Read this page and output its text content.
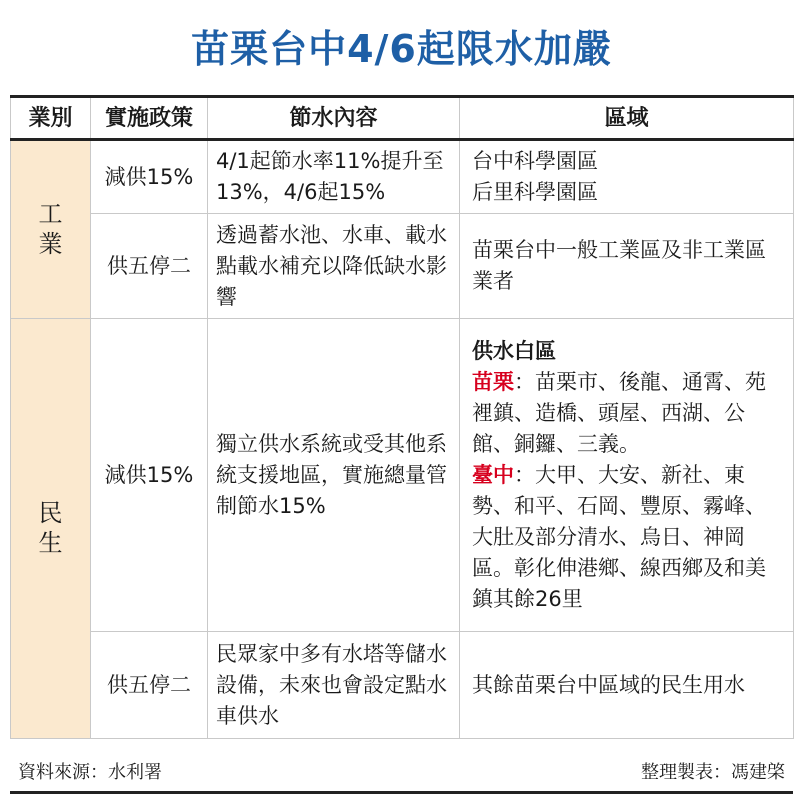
苗栗台中4/6起限水加嚴
業別	實施政策	節水內容	區域
工業	減供15%	4/1起節水率11%提升至13%，4/6起15%	台中科學園區
后里科學園區

	供五停二	透過蓄水池、水車、載水點載水補充以降低缺水影響	苗栗台中一般工業區及非工業區業者
民生	減供15%	獨立供水系統或受其他系統支援地區，實施總量管制節水15%	供水白區
苗栗：苗栗市、後龍、通霄、苑裡鎮、造橋、頭屋、西湖、公館、銅鑼、三義。
臺中：大甲、大安、新社、東勢、和平、石岡、豐原、霧峰、大肚及部分清水、烏日、神岡區。彰化伸港鄉、線西鄉及和美鎮其餘26里

	供五停二	民眾家中多有水塔等儲水設備，未來也會設定點水車供水	其餘苗栗台中區域的民生用水
資料來源：水利署	整理製表：馮建棨
